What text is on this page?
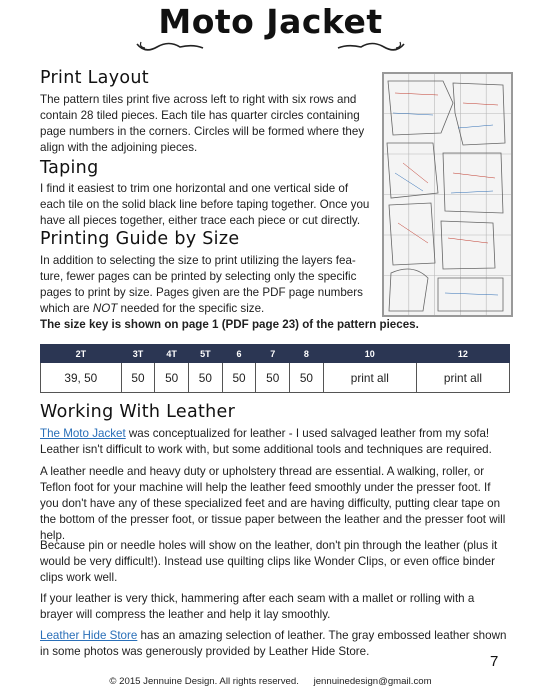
Moto Jacket
Print Layout

The pattern tiles print five across left to right with six rows and contain 28 tiled pieces. Each tile has quarter circles containing page numbers in the corners. Circles will be formed where they align with the adjoining pieces.

Taping

I find it easiest to trim one horizontal and one vertical side of each tile on the solid black line before taping together. Once you have all pieces together, either trace each piece or cut directly.

Printing Guide by Size

In addition to selecting the size to print utilizing the layers fea-ture, fewer pages can be printed by selecting only the specific pages to print by size. Pages given are the PDF page numbers which are NOT needed for the specific size.

The size key is shown on page 1 (PDF page 23) of the pattern pieces.

2T	3T	4T	5T	6	7	8	10	12
39, 50	50	50	50	50	50	50	print all	print all
Working With Leather

The Moto Jacket was conceptualized for leather - I used salvaged leather from my sofa! Leather isn't difficult to work with, but some additional tools and techniques are required.

A leather needle and heavy duty or upholstery thread are essential. A walking, roller, or Teflon foot for your machine will help the leather feed smoothly under the presser foot. If you don't have any of these specialized feet and are having difficulty, putting clear tape on the bottom of the presser foot, or tissue paper between the leather and the presser foot will help.

Because pin or needle holes will show on the leather, don't pin through the leather (plus it would be very difficult!). Instead use quilting clips like Wonder Clips, or even office binder clips work well.

If your leather is very thick, hammering after each seam with a mallet or rolling with a brayer will compress the leather and help it lay smoothly.

Leather Hide Store has an amazing selection of leather. The gray embossed leather shown in some photos was generously provided by Leather Hide Store.

7
© 2015 Jennuine Design. All rights reserved. jennuinedesign@gmail.com
